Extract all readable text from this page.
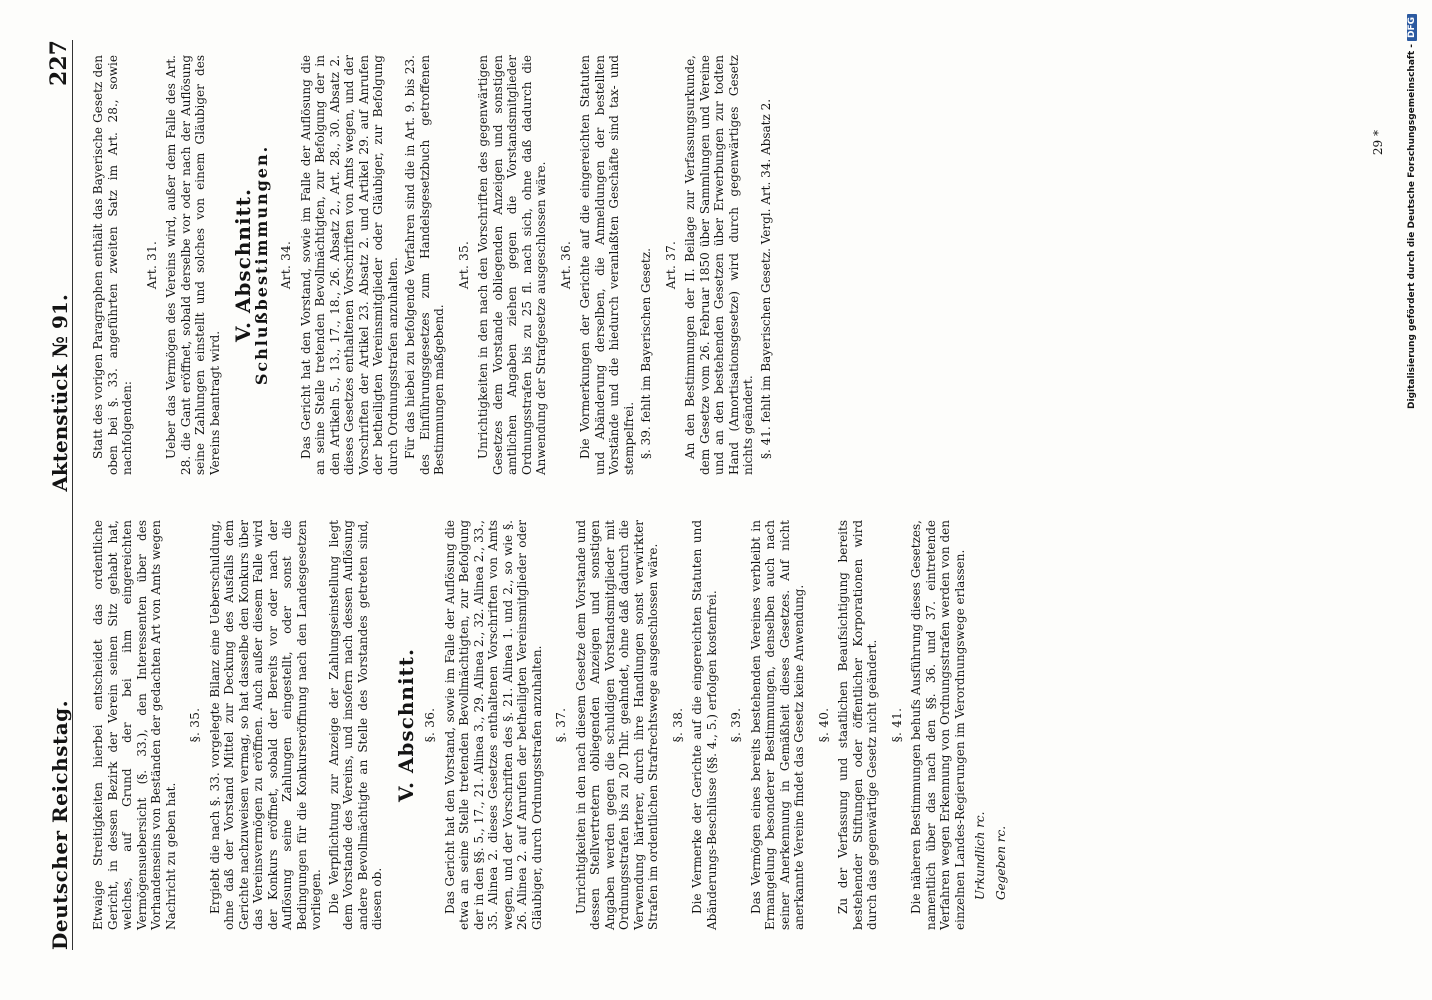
Deutscher Reichstag.
Aktenstück № 91.
227

Etwaige Streitigkeiten hierbei entscheidet das ordentliche Gericht, in dessen Bezirk der Verein seinen Sitz gehabt hat, welches, auf Grund der bei ihm eingereichten Vermögensuebersicht (§. 33.), den Interessenten über des Vorhandenseins von Beständen der gedachten Art von Amts wegen Nachricht zu geben hat.

§. 35. Ergiebt die nach §. 33. vorgelegte Bilanz eine Ueberschuldung, ohne daß der Vorstand Mittel zur Deckung des Ausfalls dem Gerichte nachzuweisen vermag, so hat dasselbe den Konkurs über das Vereinsvermögen zu eröffnen. Auch außer diesem Falle wird der Konkurs eröffnet, sobald der Bereits vor oder nach der Auflösung seine Zahlungen eingestellt, oder sonst die Bedingungen für die Konkurseröffnung nach den Landesgesetzen vorliegen. Die Verpflichtung zur Anzeige der Zahlungseinstellung liegt dem Vorstande des Vereins, und insofern nach dessen Auflösung andere Bevollmächtigte an Stelle des Vorstandes getreten sind, diesen ob.

V. Abschnitt. §. 36. Das Gericht hat den Vorstand, sowie im Falle der Auflösung die etwa an seine Stelle tretenden Bevollmächtigten, zur Befolgung der in den §§. 5., 17., 21. Alinea 3., 29. Alinea 2., 32. Alinea 2., 33., 35. Alinea 2. dieses Gesetzes enthaltenen Vorschriften von Amts wegen, und der Vorschriften des §. 21. Alinea 1. und 2., so wie §. 26. Alinea 2. auf Anrufen der betheiligten Vereinsmitglieder oder Gläubiger, durch Ordnungsstrafen anzuhalten. §. 37. Unrichtigkeiten in den nach diesem Gesetze dem Vorstande und dessen Stellvertretern obliegenden Anzeigen und sonstigen Angaben werden gegen die schuldigen Vorstandsmitglieder mit Ordnungsstrafen bis zu 20 Thlr. geahndet, ohne daß dadurch die Verwendung härterer, durch ihre Handlungen sonst verwirkter Strafen im ordentlichen Strafrechtswege ausgeschlossen wäre. §. 38. Die Vermerke der Gerichte auf die eingereichten Statuten und Abänderungs-Beschlüsse (§§. 4., 5.) erfolgen kostenfrei. §. 39. Das Vermögen eines bereits bestehenden Vereines verbleibt in Ermangelung besonderer Bestimmungen, denselben auch nach seiner Anerkennung in Gemäßheit dieses Gesetzes. Auf nicht anerkannte Vereine findet das Gesetz keine Anwendung. §. 40. Zu der Verfassung und staatlichen Beaufsichtigung bereits bestehender Stiftungen oder öffentlicher Korporationen wird durch das gegenwärtige Gesetz nicht geändert. §. 41. Die näheren Bestimmungen behufs Ausführung dieses Gesetzes, namentlich über das nach den §§. 36. und 37. eintretende Verfahren wegen Erkennung von Ordnungsstrafen werden von den einzelnen Landes-Regierungen im Verordnungswege erlassen. Urkundlich rc. Gegeben rc.

Statt des vorigen Paragraphen enthält das Bayerische Gesetz den oben bei §. 33. angeführten zweiten Satz im Art. 28., sowie nachfolgenden:

Art. 31. Ueber das Vermögen des Vereins wird, außer dem Falle des Art. 28. die Gant eröffnet, sobald derselbe vor oder nach der Auflösung seine Zahlungen einstellt und solches von einem Gläubiger des Vereins beantragt wird.

V. Abschnitt.
Schlußbestimmungen. Art. 34. Das Gericht hat den Vorstand, sowie im Falle der Auflösung die an seine Stelle tretenden Bevollmächtigten, zur Befolgung der in den Artikeln 5., 13., 17., 18., 26. Absatz 2., Art. 28., 30. Absatz 2. dieses Gesetzes enthaltenen Vorschriften von Amts wegen, und der Vorschriften der Artikel 23. Absatz 2. und Artikel 29. auf Anrufen der betheiligten Vereinsmitglieder oder Gläubiger, zur Befolgung durch Ordnungsstrafen anzuhalten. Für das hiebei zu befolgende Verfahren sind die in Art. 9. bis 23. des Einführungsgesetzes zum Handelsgesetzbuch getroffenen Bestimmungen maßgebend.

Art. 35. Unrichtigkeiten in den nach den Vorschriften des gegenwärtigen Gesetzes dem Vorstande obliegenden Anzeigen und sonstigen amtlichen Angaben ziehen gegen die Vorstandsmitglieder Ordnungsstrafen bis zu 25 fl. nach sich, ohne daß dadurch die Anwendung der Strafgesetze ausgeschlossen wäre. Art. 36. Die Vormerkungen der Gerichte auf die eingereichten Statuten und Abänderung derselben, die Anmeldungen der bestellten Vorstände und die hiedurch veranlaßten Geschäfte sind tax- und stempelfrei. §. 39. fehlt im Bayerischen Gesetz. Art. 37. An den Bestimmungen der II. Beilage zur Verfassungsurkunde, dem Gesetze vom 26. Februar 1850 über Sammlungen und Vereine und an den bestehenden Gesetzen über Erwerbungen zur todten Hand (Amortisationsgesetze) wird durch gegenwärtiges Gesetz nichts geändert. §. 41. fehlt im Bayerischen Gesetz. Vergl. Art. 34. Absatz 2.	29 * Digitalisierung gefördert durch die Deutsche Forschungsgemeinschaft -DFG
